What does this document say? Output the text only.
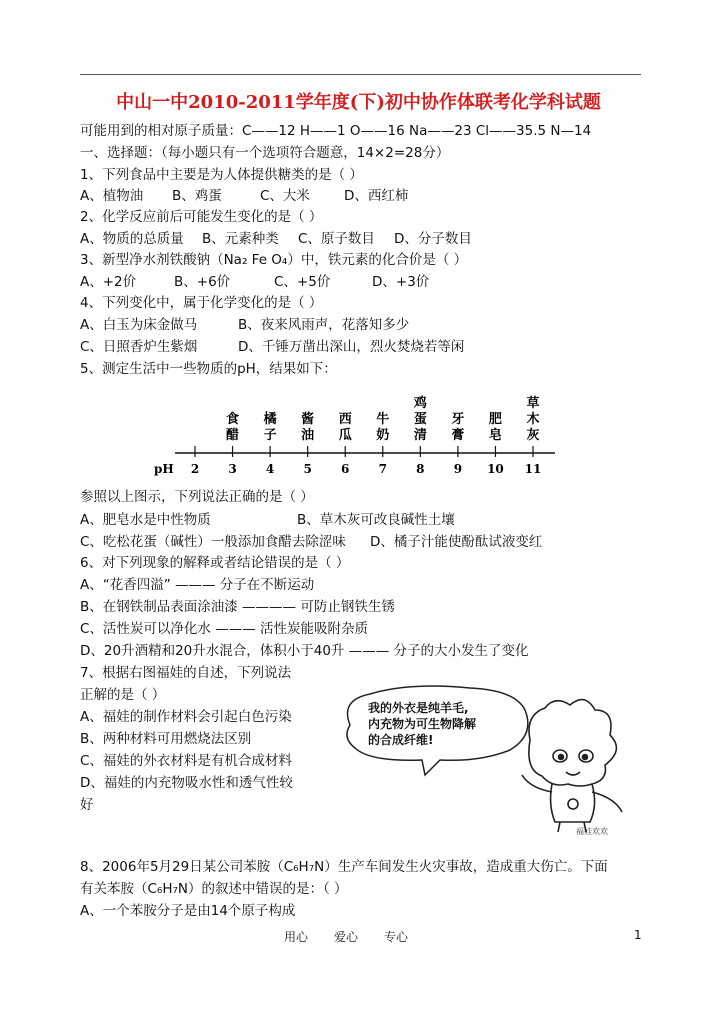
中山一中2010-2011学年度(下)初中协作体联考化学科试题
可能用到的相对原子质量：C——12 H——1 O——16 Na——23 Cl——35.5 N—14
一、选择题：（每小题只有一个选项符合题意，14×2=28分）
1、下列食品中主要是为人体提供糖类的是（ ）
A、植物油 B、鸡蛋	C、大米	D、西红柿
2、化学反应前后可能发生变化的是（ ）
A、物质的总质量 B、元素种类 C、原子数目 D、分子数目
3、新型净水剂铁酸钠（Na₂ Fe O₄）中，铁元素的化合价是（ ）
A、+2价	B、+6价	C、+5价	D、+3价
4、下列变化中，属于化学变化的是（ ）
A、白玉为床金做马	B、夜来风雨声，花落知多少
C、日照香炉生紫烟	D、千锤万凿出深山，烈火焚烧若等闲
5、测定生活中一些物质的pH，结果如下：
pH 2 3 4 5 6 7 8 9 10 11
食醋
橘子
酱油
西瓜
牛奶
鸡蛋清
牙膏
肥皂
草木灰
参照以上图示，下列说法正确的是（ ）
A、肥皂水是中性物质	B、草木灰可改良碱性土壤
C、吃松花蛋（碱性）一般添加食醋去除涩味 D、橘子汁能使酚酞试液变红
6、对下列现象的解释或者结论错误的是（ ）
A、“花香四溢” ——— 分子在不断运动
B、在钢铁制品表面涂油漆 ———— 可防止钢铁生锈
C、活性炭可以净化水 ——— 活性炭能吸附杂质
D、20升酒精和20升水混合，体积小于40升 ——— 分子的大小发生了变化
7、根据右图福娃的自述，下列说法
正解的是（ ）
A、福娃的制作材料会引起白色污染
B、两种材料可用燃烧法区别
C、福娃的外衣材料是有机合成材料
D、福娃的内充物吸水性和透气性较
好
我的外衣是纯羊毛,
内充物为可生物降解
的合成纤维!
福娃欢欢
8、2006年5月29日某公司苯胺（C₆H₇N）生产车间发生火灾事故，造成重大伤亡。下面
有关苯胺（C₆H₇N）的叙述中错误的是：（ ）
A、一个苯胺分子是由14个原子构成
用心 爱心 专心	1
